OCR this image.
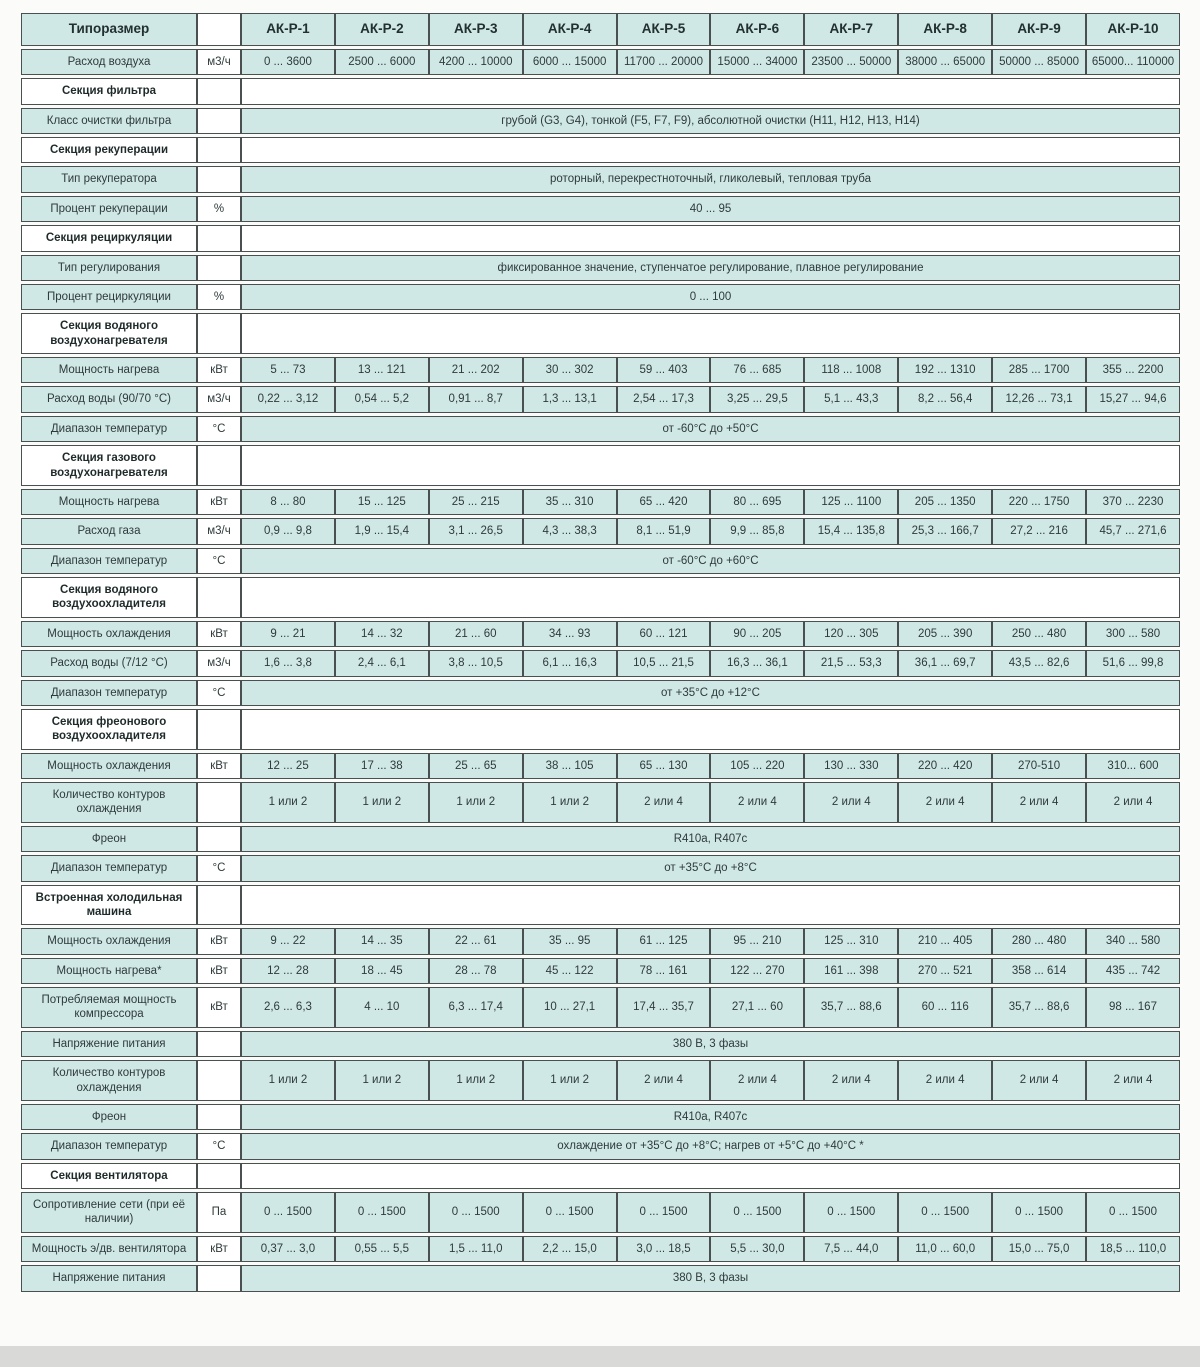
Типоразмер		АК-Р-1	АК-Р-2	АК-Р-3	АК-Р-4	АК-Р-5	АК-Р-6	АК-Р-7	АК-Р-8	АК-Р-9	АК-Р-10
Расход воздуха	м3/ч	0 ... 3600	2500 ... 6000	4200 ... 10000	6000 ... 15000	11700 ... 20000	15000 ... 34000	23500 ... 50000	38000 ... 65000	50000 ... 85000	65000... 110000
Секция фильтра											
Класс очистки фильтра		грубой (G3, G4), тонкой (F5, F7, F9), абсолютной очистки (H11, H12, H13, H14)									
Секция рекуперации											
Тип рекуператора		роторный, перекрестноточный, гликолевый, тепловая труба									
Процент рекуперации	%	40 ... 95									
Секция рециркуляции											
Тип регулирования		фиксированное значение, ступенчатое регулирование, плавное регулирование									
Процент рециркуляции	%	0 ... 100									
Секция водяного воздухонагревателя											
Мощность нагрева	кВт	5 ... 73	13 ... 121	21 ... 202	30 ... 302	59 ... 403	76 ... 685	118 ... 1008	192 ... 1310	285 ... 1700	355 ... 2200
Расход воды (90/70 °С)	м3/ч	0,22 ... 3,12	0,54 ... 5,2	0,91 ... 8,7	1,3 ... 13,1	2,54 ... 17,3	3,25 ... 29,5	5,1 ... 43,3	8,2 ... 56,4	12,26 ... 73,1	15,27 ... 94,6
Диапазон температур	°С	от -60°С до +50°С									
Секция газового воздухонагревателя											
Мощность нагрева	кВт	8 ... 80	15 ... 125	25 ... 215	35 ... 310	65 ... 420	80 ... 695	125 ... 1100	205 ... 1350	220 ... 1750	370 ... 2230
Расход газа	м3/ч	0,9 ... 9,8	1,9 ... 15,4	3,1 ... 26,5	4,3 ... 38,3	8,1 ... 51,9	9,9 ... 85,8	15,4 ... 135,8	25,3 ... 166,7	27,2 ... 216	45,7 ... 271,6
Диапазон температур	°С	от -60°С до +60°С									
Секция водяного воздухоохладителя											
Мощность охлаждения	кВт	9 ... 21	14 ... 32	21 ... 60	34 ... 93	60 ... 121	90 ... 205	120 ... 305	205 ... 390	250 ... 480	300 ... 580
Расход воды (7/12 °С)	м3/ч	1,6 ... 3,8	2,4 ... 6,1	3,8 ... 10,5	6,1 ... 16,3	10,5 ... 21,5	16,3 ... 36,1	21,5 ... 53,3	36,1 ... 69,7	43,5 ... 82,6	51,6 ... 99,8
Диапазон температур	°С	от +35°С до +12°С									
Секция фреонового воздухоохладителя											
Мощность охлаждения	кВт	12 ... 25	17 ... 38	25 ... 65	38 ... 105	65 ... 130	105 ... 220	130 ... 330	220 ... 420	270-510	310... 600
Количество контуров охлаждения		1 или 2	1 или 2	1 или 2	1 или 2	2 или 4	2 или 4	2 или 4	2 или 4	2 или 4	2 или 4
Фреон		R410a, R407c									
Диапазон температур	°С	от +35°С до +8°С									
Встроенная холодильная машина											
Мощность охлаждения	кВт	9 ... 22	14 ... 35	22 ... 61	35 ... 95	61 ... 125	95 ... 210	125 ... 310	210 ... 405	280 ... 480	340 ... 580
Мощность нагрева*	кВт	12 ... 28	18 ... 45	28 ... 78	45 ... 122	78 ... 161	122 ... 270	161 ... 398	270 ... 521	358 ... 614	435 ... 742
Потребляемая мощность компрессора	кВт	2,6 ... 6,3	4 ... 10	6,3 ... 17,4	10 ... 27,1	17,4 ... 35,7	27,1 ... 60	35,7 ... 88,6	60 ... 116	35,7 ... 88,6	98 ... 167
Напряжение питания		380 В, 3 фазы									
Количество контуров охлаждения		1 или 2	1 или 2	1 или 2	1 или 2	2 или 4	2 или 4	2 или 4	2 или 4	2 или 4	2 или 4
Фреон		R410a, R407c									
Диапазон температур	°С	охлаждение от +35°С до +8°С; нагрев от +5°С до +40°С *									
Секция вентилятора											
Сопротивление сети (при её наличии)	Па	0 ... 1500	0 ... 1500	0 ... 1500	0 ... 1500	0 ... 1500	0 ... 1500	0 ... 1500	0 ... 1500	0 ... 1500	0 ... 1500
Мощность э/дв. вентилятора	кВт	0,37 ... 3,0	0,55 ... 5,5	1,5 ... 11,0	2,2 ... 15,0	3,0 ... 18,5	5,5 ... 30,0	7,5 ... 44,0	11,0 ... 60,0	15,0 ... 75,0	18,5 ... 110,0
Напряжение питания		380 В, 3 фазы									
